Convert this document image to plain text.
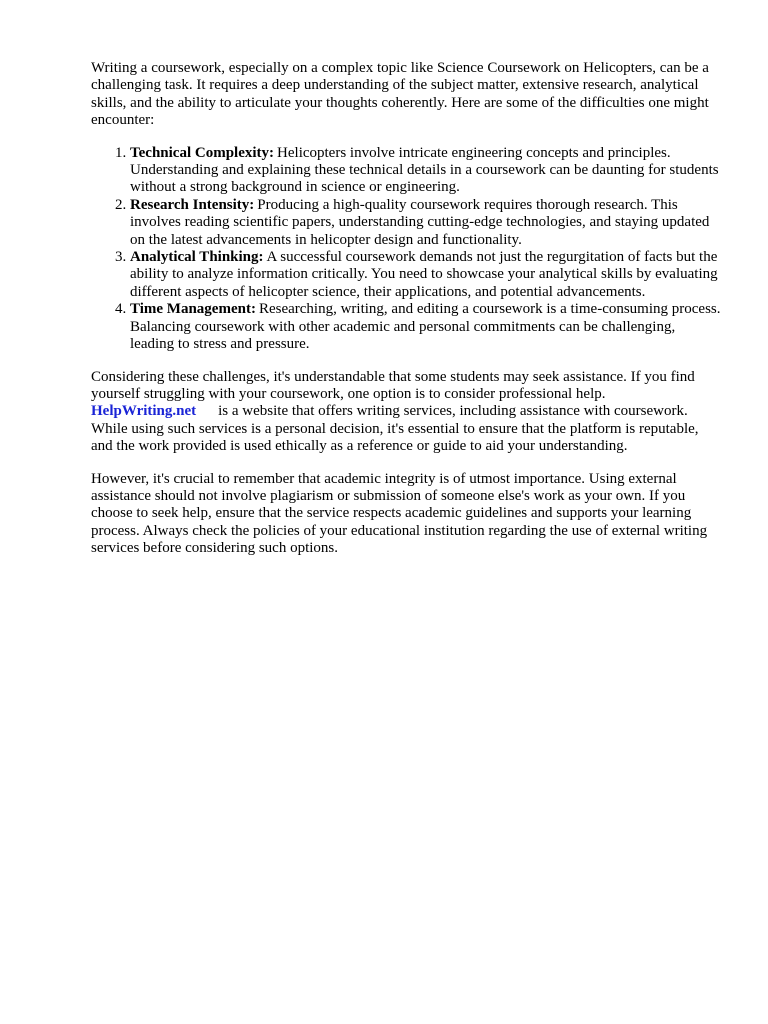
Writing a coursework, especially on a complex topic like Science Coursework on Helicopters, can be a challenging task. It requires a deep understanding of the subject matter, extensive research, analytical skills, and the ability to articulate your thoughts coherently. Here are some of the difficulties one might encounter:

1. Technical Complexity: Helicopters involve intricate engineering concepts and principles. Understanding and explaining these technical details in a coursework can be daunting for students without a strong background in science or engineering.
2. Research Intensity: Producing a high-quality coursework requires thorough research. This involves reading scientific papers, understanding cutting-edge technologies, and staying updated on the latest advancements in helicopter design and functionality.
3. Analytical Thinking: A successful coursework demands not just the regurgitation of facts but the ability to analyze information critically. You need to showcase your analytical skills by evaluating different aspects of helicopter science, their applications, and potential advancements.
4. Time Management: Researching, writing, and editing a coursework is a time-consuming process. Balancing coursework with other academic and personal commitments can be challenging, leading to stress and pressure.

Considering these challenges, it's understandable that some students may seek assistance. If you find yourself struggling with your coursework, one option is to consider professional help.
HelpWriting.net is a website that offers writing services, including assistance with coursework. While using such services is a personal decision, it's essential to ensure that the platform is reputable, and the work provided is used ethically as a reference or guide to aid your understanding.

However, it's crucial to remember that academic integrity is of utmost importance. Using external assistance should not involve plagiarism or submission of someone else's work as your own. If you choose to seek help, ensure that the service respects academic guidelines and supports your learning process. Always check the policies of your educational institution regarding the use of external writing services before considering such options.
